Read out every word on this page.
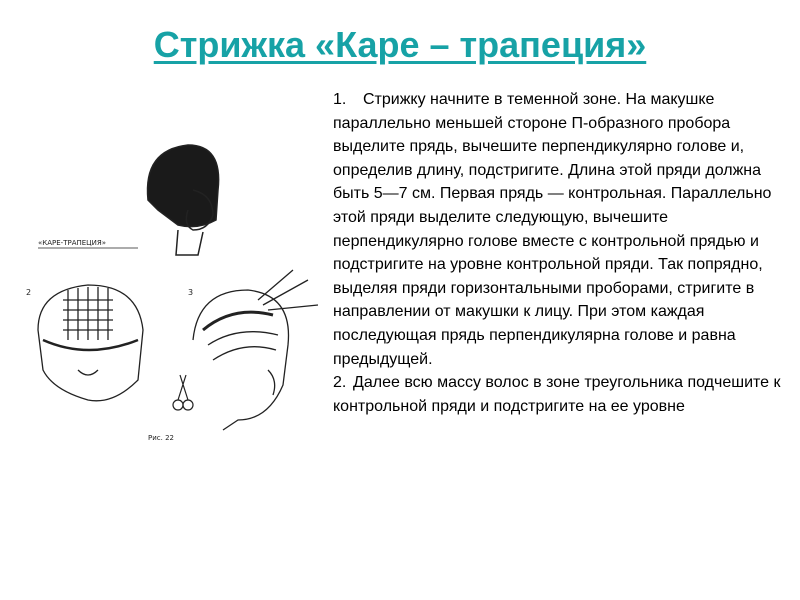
Стрижка «Каре – трапеция»
«КАРЕ-ТРАПЕЦИЯ»
2	3
Рис. 22

1. Стрижку начните в теменной зоне. На макушке параллельно меньшей стороне П-образного пробора выделите прядь, вычешите перпендикулярно голове и, определив длину, подстригите. Длина этой пряди должна быть 5—7 см. Первая прядь — контрольная. Параллельно этой пряди выделите следующую, вычешите перпендикулярно голове вместе с контрольной прядью и подстригите на уровне контрольной пряди. Так попрядно, выделяя пряди горизонтальными проборами, стригите в направлении от макушки к лицу. При этом каждая последующая прядь перпендикулярна голове и равна предыдущей.

2. Далее всю массу волос в зоне треугольника подчешите к контрольной пряди и подстригите на ее уровне
